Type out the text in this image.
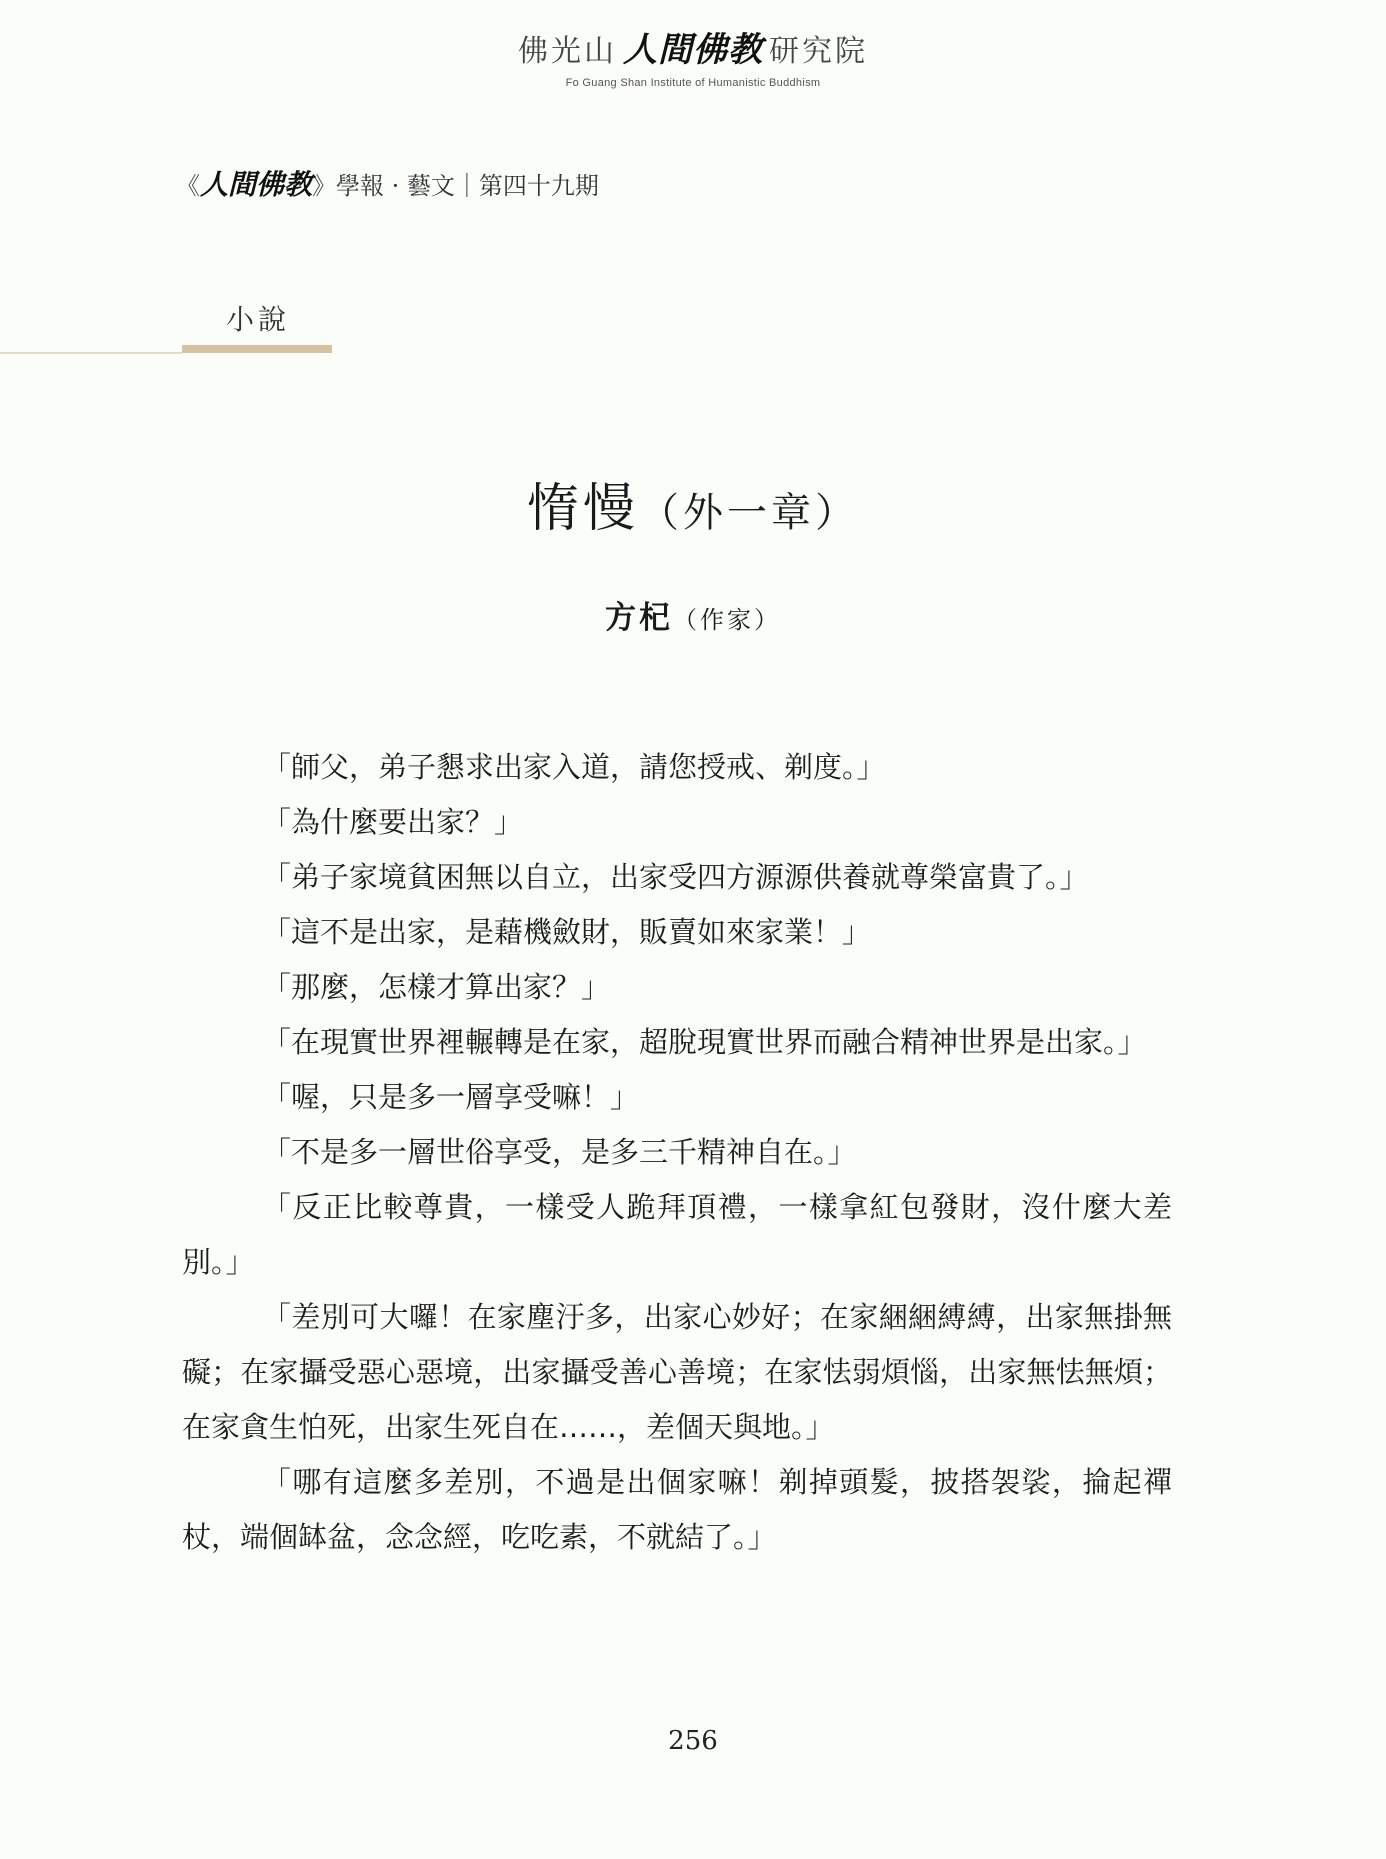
佛光山 人間佛教 研究院
Fo Guang Shan Institute of Humanistic Buddhism
《人間佛教》學報 · 藝文｜第四十九期
小說
惰慢（外一章）
方杞（作家）

「師父，弟子懇求出家入道，請您授戒、剃度。」

「為什麼要出家？」

「弟子家境貧困無以自立，出家受四方源源供養就尊榮富貴了。」

「這不是出家，是藉機斂財，販賣如來家業！」

「那麼，怎樣才算出家？」

「在現實世界裡輾轉是在家，超脫現實世界而融合精神世界是出家。」

「喔，只是多一層享受嘛！」

「不是多一層世俗享受，是多三千精神自在。」

「反正比較尊貴，一樣受人跪拜頂禮，一樣拿紅包發財，沒什麼大差別。」

「差別可大囉！在家塵汙多，出家心妙好；在家綑綑縛縛，出家無掛無礙；在家攝受惡心惡境，出家攝受善心善境；在家怯弱煩惱，出家無怯無煩；在家貪生怕死，出家生死自在……，差個天與地。」

「哪有這麼多差別，不過是出個家嘛！剃掉頭髮，披搭袈裟，掄起禪杖，端個缽盆，念念經，吃吃素，不就結了。」

256
